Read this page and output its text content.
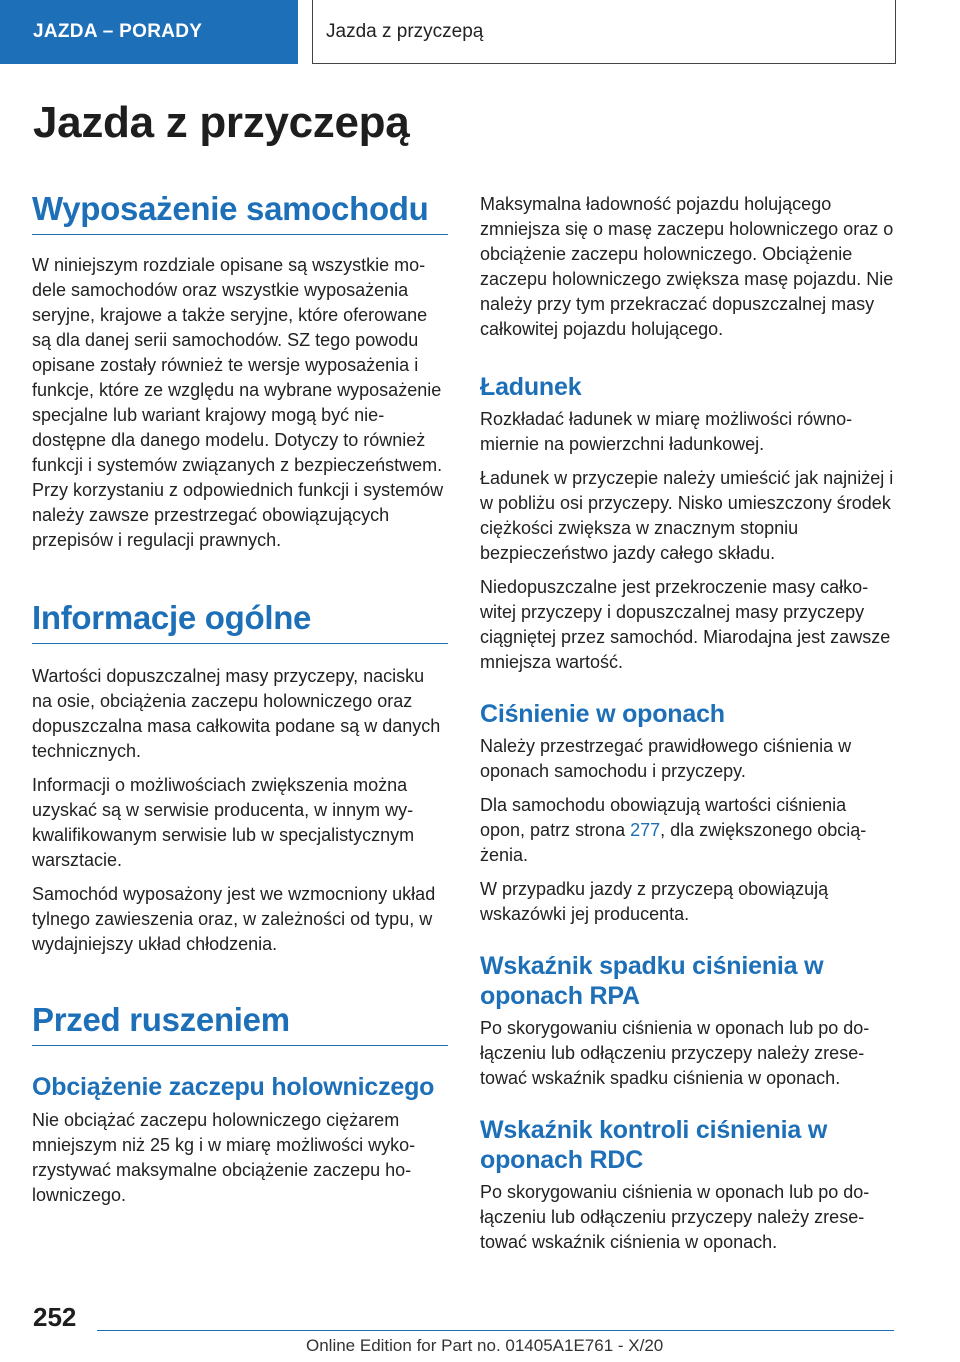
JAZDA – PORADY	Jazda z przyczepą
Jazda z przyczepą
Wyposażenie samochodu

W niniejszym rozdziale opisane są wszystkie modele samochodów oraz wszystkie wyposażenia seryjne, krajowe a także seryjne, które oferowane są dla danej serii samochodów. SZ tego powodu opisane zostały również te wersje wyposażenia i funkcje, które ze względu na wybrane wyposażenie specjalne lub wariant krajowy mogą być niedostępne dla danego modelu. Dotyczy to również funkcji i systemów związanych z bezpieczeństwem. Przy korzystaniu z odpowiednich funkcji i systemów należy zawsze przestrzegać obowiązujących przepisów i regulacji prawnych.

Informacje ogólne

Wartości dopuszczalnej masy przyczepy, nacisku na osie, obciążenia zaczepu holowniczego oraz dopuszczalna masa całkowita podane są w danych technicznych.

Informacji o możliwościach zwiększenia można uzyskać są w serwisie producenta, w innym wykwalifikowanym serwisie lub w specjalistycznym warsztacie.

Samochód wyposażony jest we wzmocniony układ tylnego zawieszenia oraz, w zależności od typu, w wydajniejszy układ chłodzenia.

Przed ruszeniem
Obciążenie zaczepu holowniczego

Nie obciążać zaczepu holowniczego ciężarem mniejszym niż 25 kg i w miarę możliwości wykorzystywać maksymalne obciążenie zaczepu holowniczego.

Maksymalna ładowność pojazdu holującego zmniejsza się o masę zaczepu holowniczego oraz o obciążenie zaczepu holowniczego. Obciążenie zaczepu holowniczego zwiększa masę pojazdu. Nie należy przy tym przekraczać dopuszczalnej masy całkowitej pojazdu holującego.

Ładunek

Rozkładać ładunek w miarę możliwości równomiernie na powierzchni ładunkowej.

Ładunek w przyczepie należy umieścić jak najniżej i w pobliżu osi przyczepy. Nisko umieszczony środek ciężkości zwiększa w znacznym stopniu bezpieczeństwo jazdy całego składu.

Niedopuszczalne jest przekroczenie masy całkowitej przyczepy i dopuszczalnej masy przyczepy ciągniętej przez samochód. Miarodajna jest zawsze mniejsza wartość.

Ciśnienie w oponach

Należy przestrzegać prawidłowego ciśnienia w oponach samochodu i przyczepy.

Dla samochodu obowiązują wartości ciśnienia opon, patrz strona 277, dla zwiększonego obciążenia.

W przypadku jazdy z przyczepą obowiązują wskazówki jej producenta.

Wskaźnik spadku ciśnienia w oponach RPA

Po skorygowaniu ciśnienia w oponach lub po dołączeniu lub odłączeniu przyczepy należy zresetować wskaźnik spadku ciśnienia w oponach.

Wskaźnik kontroli ciśnienia w oponach RDC

Po skorygowaniu ciśnienia w oponach lub po dołączeniu lub odłączeniu przyczepy należy zresetować wskaźnik ciśnienia w oponach.

252
Online Edition for Part no. 01405A1E761 - X/20
